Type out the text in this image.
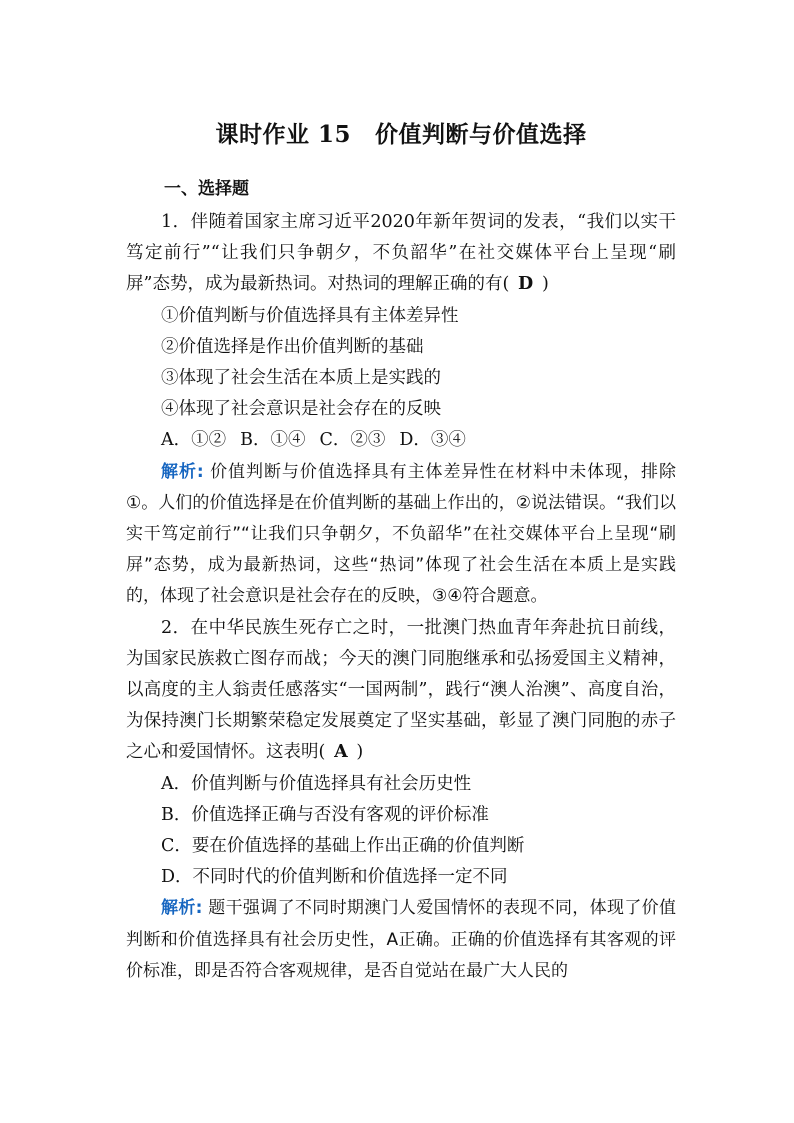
课时作业 15 价值判断与价值选择
一、选择题

1．伴随着国家主席习近平2020年新年贺词的发表，“我们以实干笃定前行”“让我们只争朝夕，不负韶华”在社交媒体平台上呈现“刷屏”态势，成为最新热词。对热词的理解正确的有(  D  )

①价值判断与价值选择具有主体差异性

②价值选择是作出价值判断的基础

③体现了社会生活在本质上是实践的

④体现了社会意识是社会存在的反映

A．①② B．①④ C．②③ D．③④

解析: 价值判断与价值选择具有主体差异性在材料中未体现，排除①。人们的价值选择是在价值判断的基础上作出的，②说法错误。“我们以实干笃定前行”“让我们只争朝夕，不负韶华”在社交媒体平台上呈现“刷屏”态势，成为最新热词，这些“热词”体现了社会生活在本质上是实践的，体现了社会意识是社会存在的反映，③④符合题意。

2．在中华民族生死存亡之时，一批澳门热血青年奔赴抗日前线，为国家民族救亡图存而战；今天的澳门同胞继承和弘扬爱国主义精神，以高度的主人翁责任感落实“一国两制”，践行“澳人治澳”、高度自治，为保持澳门长期繁荣稳定发展奠定了坚实基础，彰显了澳门同胞的赤子之心和爱国情怀。这表明(  A  )

A．价值判断与价值选择具有社会历史性

B．价值选择正确与否没有客观的评价标准

C．要在价值选择的基础上作出正确的价值判断

D．不同时代的价值判断和价值选择一定不同

解析: 题干强调了不同时期澳门人爱国情怀的表现不同，体现了价值判断和价值选择具有社会历史性，A正确。正确的价值选择有其客观的评价标准，即是否符合客观规律，是否自觉站在最广大人民的
